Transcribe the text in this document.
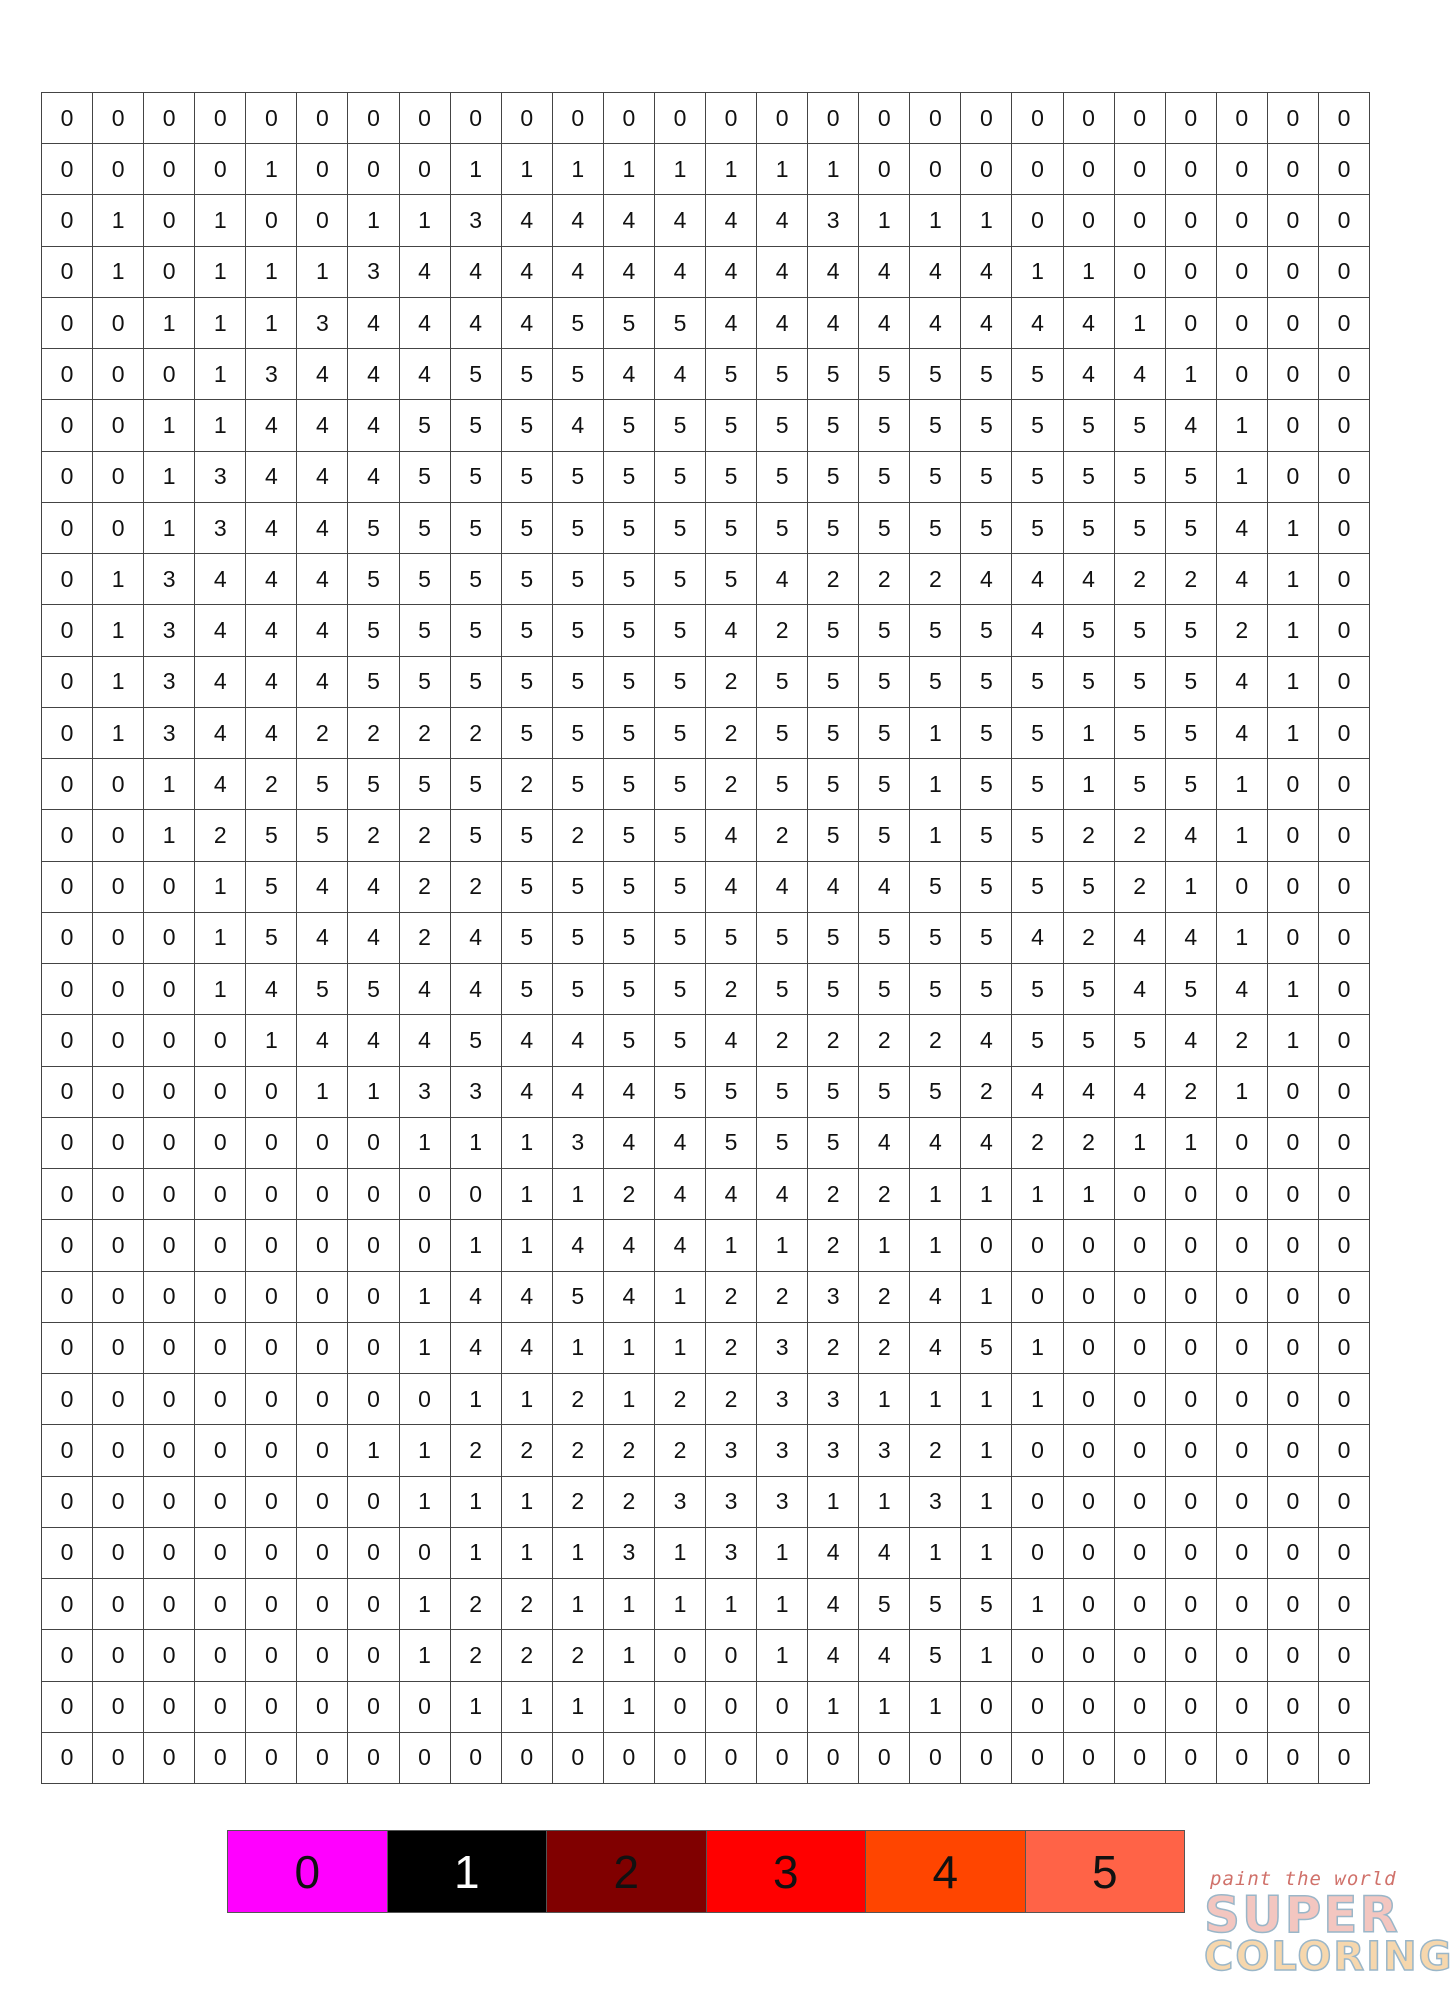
0	0	0	0	0	0	0	0	0	0	0	0	0	0	0	0	0	0	0	0	0	0	0	0	0	0
0	0	0	0	1	0	0	0	1	1	1	1	1	1	1	1	0	0	0	0	0	0	0	0	0	0
0	1	0	1	0	0	1	1	3	4	4	4	4	4	4	3	1	1	1	0	0	0	0	0	0	0
0	1	0	1	1	1	3	4	4	4	4	4	4	4	4	4	4	4	4	1	1	0	0	0	0	0
0	0	1	1	1	3	4	4	4	4	5	5	5	4	4	4	4	4	4	4	4	1	0	0	0	0
0	0	0	1	3	4	4	4	5	5	5	4	4	5	5	5	5	5	5	5	4	4	1	0	0	0
0	0	1	1	4	4	4	5	5	5	4	5	5	5	5	5	5	5	5	5	5	5	4	1	0	0
0	0	1	3	4	4	4	5	5	5	5	5	5	5	5	5	5	5	5	5	5	5	5	1	0	0
0	0	1	3	4	4	5	5	5	5	5	5	5	5	5	5	5	5	5	5	5	5	5	4	1	0
0	1	3	4	4	4	5	5	5	5	5	5	5	5	4	2	2	2	4	4	4	2	2	4	1	0
0	1	3	4	4	4	5	5	5	5	5	5	5	4	2	5	5	5	5	4	5	5	5	2	1	0
0	1	3	4	4	4	5	5	5	5	5	5	5	2	5	5	5	5	5	5	5	5	5	4	1	0
0	1	3	4	4	2	2	2	2	5	5	5	5	2	5	5	5	1	5	5	1	5	5	4	1	0
0	0	1	4	2	5	5	5	5	2	5	5	5	2	5	5	5	1	5	5	1	5	5	1	0	0
0	0	1	2	5	5	2	2	5	5	2	5	5	4	2	5	5	1	5	5	2	2	4	1	0	0
0	0	0	1	5	4	4	2	2	5	5	5	5	4	4	4	4	5	5	5	5	2	1	0	0	0
0	0	0	1	5	4	4	2	4	5	5	5	5	5	5	5	5	5	5	4	2	4	4	1	0	0
0	0	0	1	4	5	5	4	4	5	5	5	5	2	5	5	5	5	5	5	5	4	5	4	1	0
0	0	0	0	1	4	4	4	5	4	4	5	5	4	2	2	2	2	4	5	5	5	4	2	1	0
0	0	0	0	0	1	1	3	3	4	4	4	5	5	5	5	5	5	2	4	4	4	2	1	0	0
0	0	0	0	0	0	0	1	1	1	3	4	4	5	5	5	4	4	4	2	2	1	1	0	0	0
0	0	0	0	0	0	0	0	0	1	1	2	4	4	4	2	2	1	1	1	1	0	0	0	0	0
0	0	0	0	0	0	0	0	1	1	4	4	4	1	1	2	1	1	0	0	0	0	0	0	0	0
0	0	0	0	0	0	0	1	4	4	5	4	1	2	2	3	2	4	1	0	0	0	0	0	0	0
0	0	0	0	0	0	0	1	4	4	1	1	1	2	3	2	2	4	5	1	0	0	0	0	0	0
0	0	0	0	0	0	0	0	1	1	2	1	2	2	3	3	1	1	1	1	0	0	0	0	0	0
0	0	0	0	0	0	1	1	2	2	2	2	2	3	3	3	3	2	1	0	0	0	0	0	0	0
0	0	0	0	0	0	0	1	1	1	2	2	3	3	3	1	1	3	1	0	0	0	0	0	0	0
0	0	0	0	0	0	0	0	1	1	1	3	1	3	1	4	4	1	1	0	0	0	0	0	0	0
0	0	0	0	0	0	0	1	2	2	1	1	1	1	1	4	5	5	5	1	0	0	0	0	0	0
0	0	0	0	0	0	0	1	2	2	2	1	0	0	1	4	4	5	1	0	0	0	0	0	0	0
0	0	0	0	0	0	0	0	1	1	1	1	0	0	0	1	1	1	0	0	0	0	0	0	0	0
0	0	0	0	0	0	0	0	0	0	0	0	0	0	0	0	0	0	0	0	0	0	0	0	0	0
0	1	2	3	4	5	paint the world
SUPER
COLORING
